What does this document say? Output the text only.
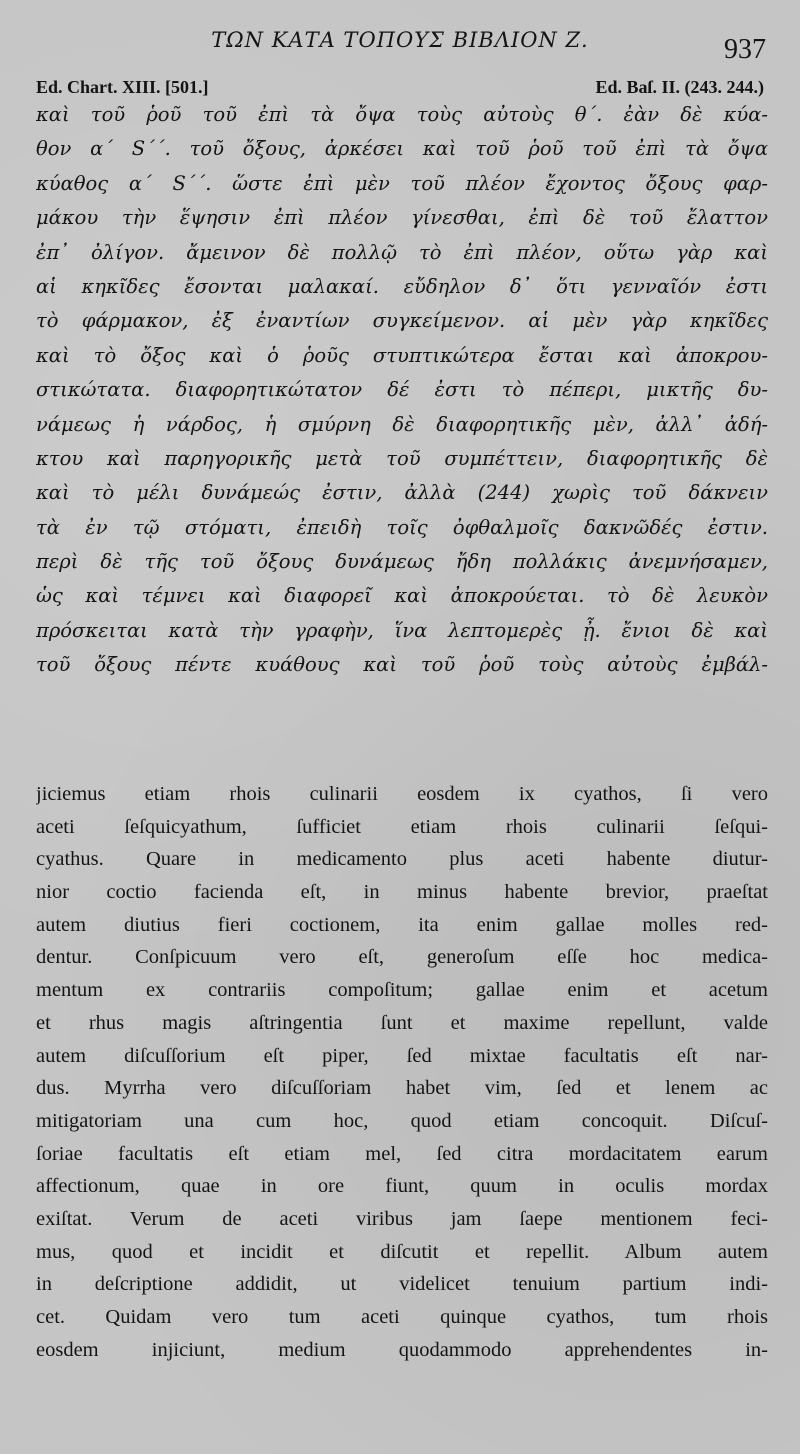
ΤΩΝ ΚΑΤΑ ΤΟΠΟΥΣ ΒΙΒΛΙΟΝ Ζ.	937
Ed. Chart. XIII. [501.]	Ed. Baſ. II. (243. 244.)
καὶ τοῦ ῥοῦ τοῦ ἐπὶ τὰ ὄψα τοὺς αὐτοὺς θ΄. ἐὰν δὲ κύα-
θον α΄ S΄΄. τοῦ ὄξους, ἀρκέσει καὶ τοῦ ῥοῦ τοῦ ἐπὶ τὰ ὄψα
κύαθος α΄ S΄΄. ὥστε ἐπὶ μὲν τοῦ πλέον ἔχοντος ὄξους φαρ-
μάκου τὴν ἕψησιν ἐπὶ πλέον γίνεσθαι, ἐπὶ δὲ τοῦ ἔλαττον
ἐπ᾽ ὀλίγον. ἄμεινον δὲ πολλῷ τὸ ἐπὶ πλέον, οὕτω γὰρ καὶ
αἱ κηκῖδες ἔσονται μαλακαί. εὔδηλον δ᾽ ὅτι γενναῖόν ἐστι
τὸ φάρμακον, ἐξ ἐναντίων συγκείμενον. αἱ μὲν γὰρ κηκῖδες
καὶ τὸ ὄξος καὶ ὁ ῥοῦς στυπτικώτερα ἔσται καὶ ἀποκρου-
στικώτατα. διαφορητικώτατον δέ ἐστι τὸ πέπερι, μικτῆς δυ-
νάμεως ἡ νάρδος, ἡ σμύρνη δὲ διαφορητικῆς μὲν, ἀλλ᾽ ἀδή-
κτου καὶ παρηγορικῆς μετὰ τοῦ συμπέττειν, διαφορητικῆς δὲ
καὶ τὸ μέλι δυνάμεώς ἐστιν, ἀλλὰ (244) χωρὶς τοῦ δάκνειν
τὰ ἐν τῷ στόματι, ἐπειδὴ τοῖς ὀφθαλμοῖς δακνῶδές ἐστιν.
περὶ δὲ τῆς τοῦ ὄξους δυνάμεως ἤδη πολλάκις ἀνεμνήσαμεν,
ὡς καὶ τέμνει καὶ διαφορεῖ καὶ ἀποκρούεται. τὸ δὲ λευκὸν
πρόσκειται κατὰ τὴν γραφὴν, ἵνα λεπτομερὲς ᾖ. ἔνιοι δὲ καὶ
τοῦ ὄξους πέντε κυάθους καὶ τοῦ ῥοῦ τοὺς αὐτοὺς ἐμβάλ-
jiciemus etiam rhois culinarii eosdem ix cyathos, ſi vero
aceti ſeſquicyathum, ſufficiet etiam rhois culinarii ſeſqui-
cyathus. Quare in medicamento plus aceti habente diutur-
nior coctio facienda eſt, in minus habente brevior, praeſtat
autem diutius fieri coctionem, ita enim gallae molles red-
dentur. Conſpicuum vero eſt, generoſum eſſe hoc medica-
mentum ex contrariis compoſitum; gallae enim et acetum
et rhus magis aſtringentia ſunt et maxime repellunt, valde
autem diſcuſſorium eſt piper, ſed mixtae facultatis eſt nar-
dus. Myrrha vero diſcuſſoriam habet vim, ſed et lenem ac
mitigatoriam una cum hoc, quod etiam concoquit. Diſcuſ-
ſoriae facultatis eſt etiam mel, ſed citra mordacitatem earum
affectionum, quae in ore fiunt, quum in oculis mordax
exiſtat. Verum de aceti viribus jam ſaepe mentionem feci-
mus, quod et incidit et diſcutit et repellit. Album autem
in deſcriptione addidit, ut videlicet tenuium partium indi-
cet. Quidam vero tum aceti quinque cyathos, tum rhois
eosdem injiciunt, medium quodammodo apprehendentes in-
